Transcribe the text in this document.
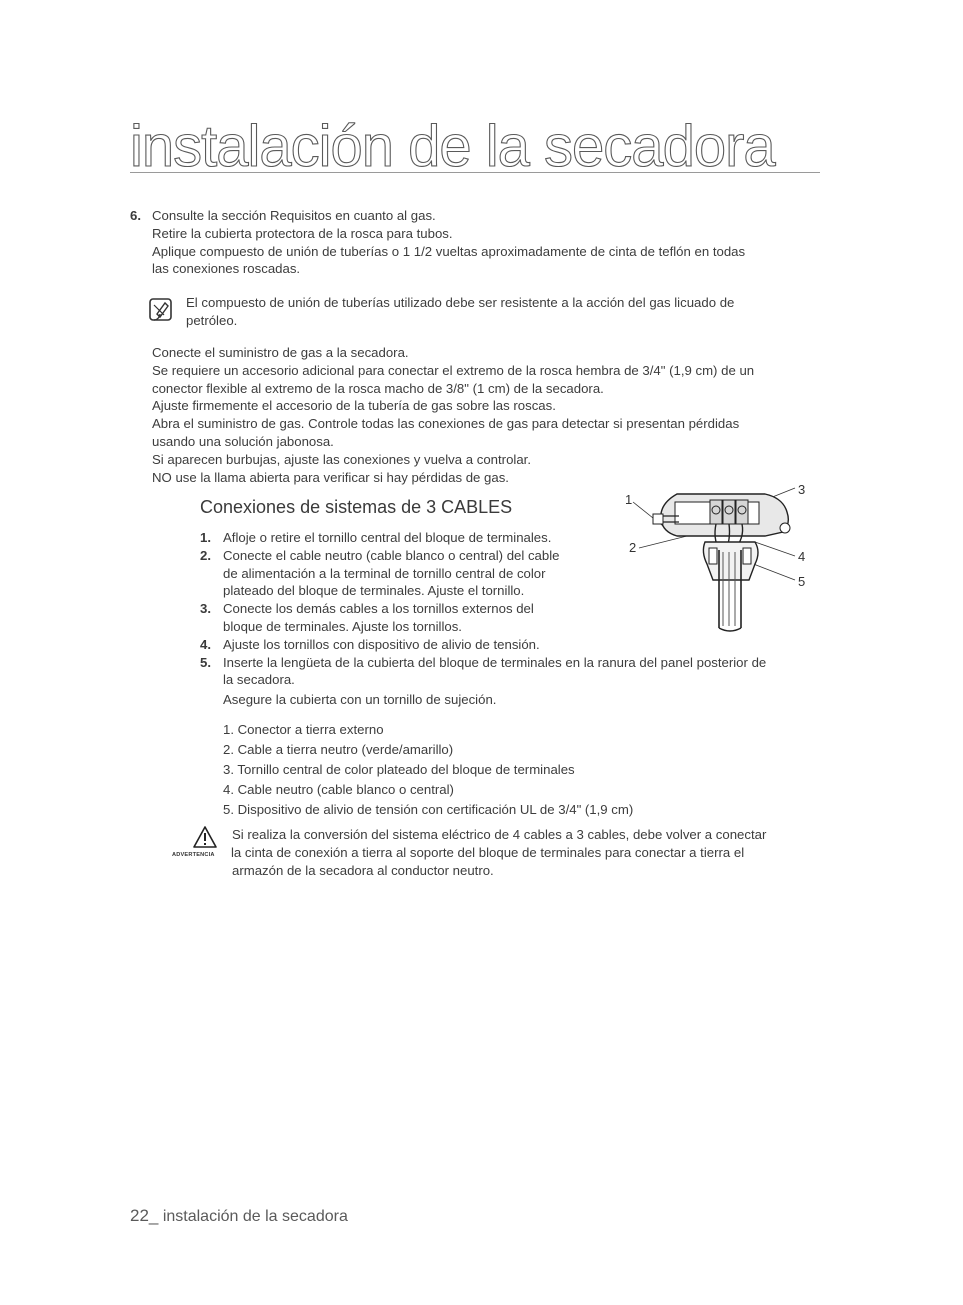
instalación de la secadora
6. Consulte la sección Requisitos en cuanto al gas.
Retire la cubierta protectora de la rosca para tubos.
Aplique compuesto de unión de tuberías o 1 1/2 vueltas aproximadamente de cinta de teflón en todas
las conexiones roscadas.
El compuesto de unión de tuberías utilizado debe ser resistente a la acción del gas licuado de
petróleo.
Conecte el suministro de gas a la secadora.
Se requiere un accesorio adicional para conectar el extremo de la rosca hembra de 3/4" (1,9 cm) de un
conector flexible al extremo de la rosca macho de 3/8" (1 cm) de la secadora.
Ajuste firmemente el accesorio de la tubería de gas sobre las roscas.
Abra el suministro de gas. Controle todas las conexiones de gas para detectar si presentan pérdidas
usando una solución jabonosa.
Si aparecen burbujas, ajuste las conexiones y vuelva a controlar.
NO use la llama abierta para verificar si hay pérdidas de gas.
Conexiones de sistemas de 3 CABLES
1. Afloje o retire el tornillo central del bloque de terminales.
2. Conecte el cable neutro (cable blanco o central) del cable
de alimentación a la terminal de tornillo central de color
plateado del bloque de terminales. Ajuste el tornillo.
3. Conecte los demás cables a los tornillos externos del
bloque de terminales. Ajuste los tornillos.
4. Ajuste los tornillos con dispositivo de alivio de tensión.
5. Inserte la lengüeta de la cubierta del bloque de terminales en la ranura del panel posterior de
la secadora.
Asegure la cubierta con un tornillo de sujeción.
1. Conector a tierra externo
2. Cable a tierra neutro (verde/amarillo)
3. Tornillo central de color plateado del bloque de terminales
4. Cable neutro (cable blanco o central)
5. Dispositivo de alivio de tensión con certificación UL de 3/4" (1,9 cm)
ADVERTENCIA
Si realiza la conversión del sistema eléctrico de 4 cables a 3 cables, debe volver a conectar
la cinta de conexión a tierra al soporte del bloque de terminales para conectar a tierra el
armazón de la secadora al conductor neutro.
1
2
3
4
5
22_ instalación de la secadora
